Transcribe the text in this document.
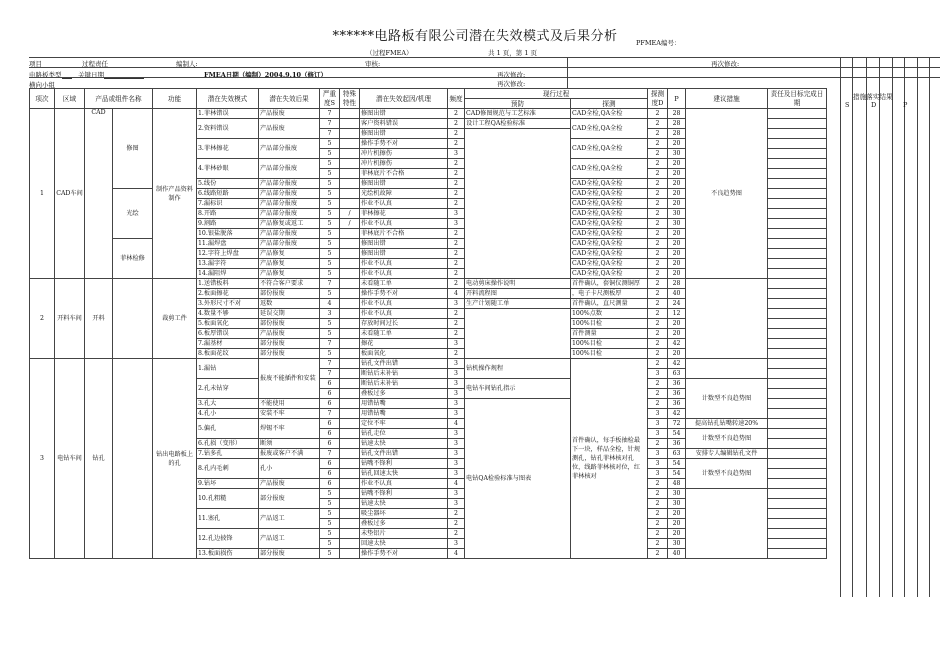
******电路板有限公司潜在失效模式及后果分析	PFMEA编号：
（过程FMEA）	共 1 页，第 1 页
项目	过程责任	编制人:	审核:	再次修改:
电路板类型	关键日期	FMEA日期（编制）2004.9.10（修订）	再次修改:
再次修改:
横向小组
项次	区域	产品或组件名称		功能	潜在失效模式	潜在失效后果	严重度S	特殊特性	潜在失效起因/机理	频度	现行过程		探测度D	P	建议措施	责任及目标完成日期
											预防	探测				
1	CAD车间	CAD	修图	制作产品资料制作	1.菲林错误	产品报废	7		修图出错	2	CAD修图规范与工艺标准	CAD全检,QA全检	2	28	不良趋势图	
					2.资料错误	产品报废	7		客户资料错误	2	设计工程QA检验标准	CAD全检,QA全检	2	28		
							7		修图出错	2			2	28		
					3.菲林擦花	产品部分报废	5		操作手势不对	2		CAD全检,QA全检	2	20		
							5		冲片机擦伤	3			2	30		
					4.菲林砂眼	产品部分报废	5		冲片机擦伤	2		CAD全检,QA全检	2	20		
							5		菲林底片不合格	2			2	20		
					5.线份	产品部分报废	5		修图出错	2		CAD全检,QA全检	2	20		
			光绘		6.线路短路	产品部分报废	5		光绘机故障	2		CAD全检,QA全检	2	20		
					7.漏标识	产品部分报废	5		作业不认真	2		CAD全检,QA全检	2	20		
					8.开路	产品部分报废	5	/	菲林擦花	3		CAD全检,QA全检	2	30		
					9.割路	产品修复或返工	5	/	作业不认真	3		CAD全检,QA全检	2	30		
					10.银盐脱落	产品部分报废	5		菲林底片不合格	2		CAD全检,QA全检	2	20		
			菲林检修		11.漏焊盘	产品部分报废	5		修图出错	2		CAD全检,QA全检	2	20		
					12.字符上焊盘	产品修复	5		修图出错	2		CAD全检,QA全检	2	20		
					13.漏字符	产品修复	5		作业不认真	2		CAD全检,QA全检	2	20		
					14.漏阻焊	产品修复	5		作业不认真	2		CAD全检,QA全检	2	20		
2	开料车间	开料		裁剪工件	1.送错板料	不符合客户要求	7		未看随工单	2	电动剪床操作说明	首件确认，套铜仪测铜厚	2	28		
					2.板面擦花	部份报废	5		操作手势不对	4	开料流程图	，电子卡尺测板厚	2	40		
					3.外形尺寸不对	返数	4		作业不认真	3	生产计划随工单	首件确认，直尺测量	2	24		
					4.数量不够	延误交期	3		作业不认真	2		100%点数	2	12		
					5.板面氧化	部份报废	5		存放时间过长	2		100%目检	2	20		
					6.板厚错误	产品报废	5		未看随工单	2		首件测量	2	20		
					7.漏基材	部分报废	7		擦花	3		100%目检	2	42		
					8.板面花纹	部分报废	5		板面氧化	2		100%目检	2	20		
3	电钻车间	钻孔		钻出电路板上的孔	1.漏钻	报废不能插件和安装	7		钻孔文件出错	3	钻机操作规程	首件确认，每手板抽检最下一块，样品全检，针规测孔，钻孔菲林核对孔位，线路菲林核对位，红菲林核对	2	42		
							7		断钻后未补钻	3			3	63		
					2.孔未钻穿		6		断钻后未补钻	3	电钻车间钻孔指示		2	36	计数型不良趋势图	
							6		叠板过多	3			2	36		
					3.孔大	不能使用	6		用错钻嘴	3	电钻QA检验标准与图表		2	36		
					4.孔小	安装不牢	7		用错钻嘴	3			3	42		
					5.偏孔	焊锡不牢	6		定位不牢	4			3	72	提高钻孔钻嘴转速20%	
							6		钻孔走位	3			3	54	计数型不良趋势图	
					6.孔损（变形）	断须	6		钻速太快	3			2	36		
					7.钻多孔	报废或客户不满	7		钻孔文件出错	3			3	63	安排专人编辑钻孔文件	
					8.孔内毛刺	孔小	6		钻嘴不锋利	3			3	54	计数型不良趋势图	
							6		钻孔回速太快	3			3	54		
					9.钻坏	产品报废	6		作业不认真	4			2	48		
					10.孔粗糙	部分报废	5		钻嘴不锋利	3			2	30		
							5		钻速太快	3			2	30		
					11.塞孔	产品返工	5		吸尘器坏	2			2	20		
							5		叠板过多	2			2	20		
					12.孔边披锋	产品返工	5		未垫铝片	2			2	20		
							5		回速太快	3			2	30		
					13.板面损伤	部分报废	5		操作手势不对	4			2	40		
措施落实结果
S	D	P
